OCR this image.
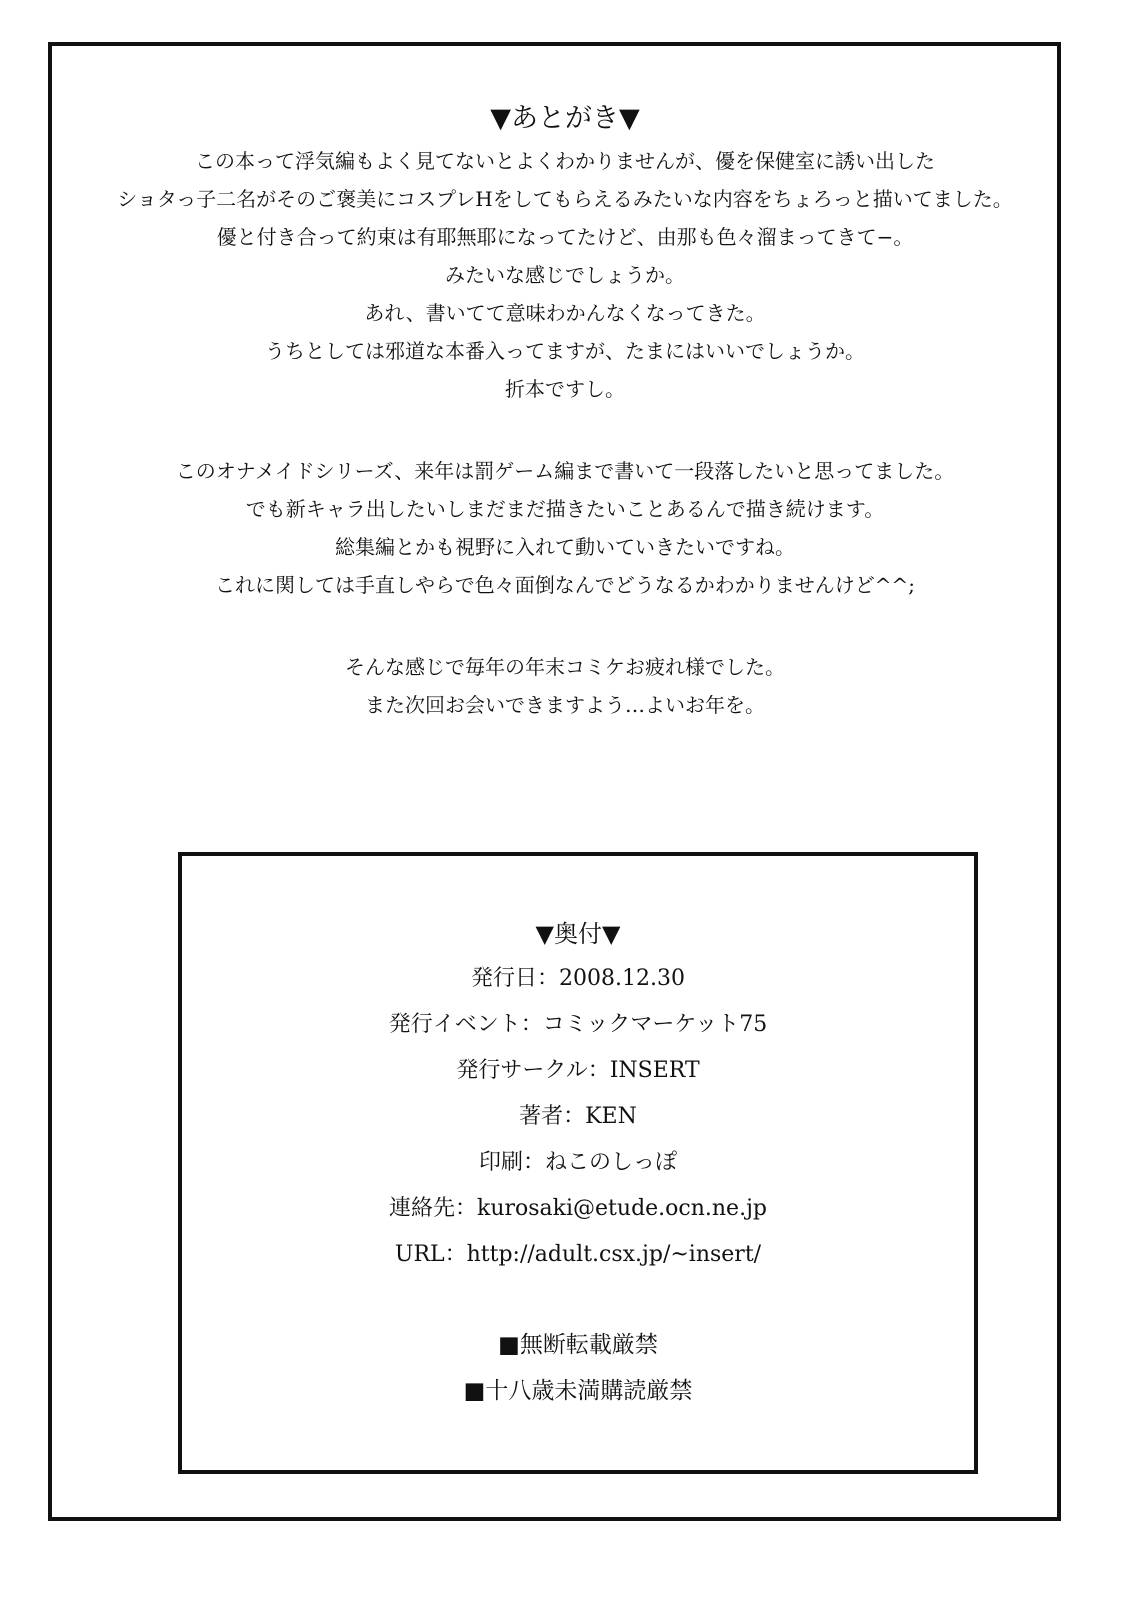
▼あとがき▼
この本って浮気編もよく見てないとよくわかりませんが、優を保健室に誘い出した
ショタっ子二名がそのご褒美にコスプレHをしてもらえるみたいな内容をちょろっと描いてました。
優と付き合って約束は有耶無耶になってたけど、由那も色々溜まってきて−。
みたいな感じでしょうか。
あれ、書いてて意味わかんなくなってきた。
うちとしては邪道な本番入ってますが、たまにはいいでしょうか。
折本ですし。
このオナメイドシリーズ、来年は罰ゲーム編まで書いて一段落したいと思ってました。
でも新キャラ出したいしまだまだ描きたいことあるんで描き続けます。
総集編とかも視野に入れて動いていきたいですね。
これに関しては手直しやらで色々面倒なんでどうなるかわかりませんけど^^;
そんな感じで毎年の年末コミケお疲れ様でした。
また次回お会いできますよう…よいお年を。
▼奥付▼
発行日：2008.12.30
発行イベント：コミックマーケット75
発行サークル：INSERT
著者：KEN
印刷：ねこのしっぽ
連絡先：kurosaki@etude.ocn.ne.jp
URL：http://adult.csx.jp/~insert/
■無断転載厳禁
■十八歳未満購読厳禁
